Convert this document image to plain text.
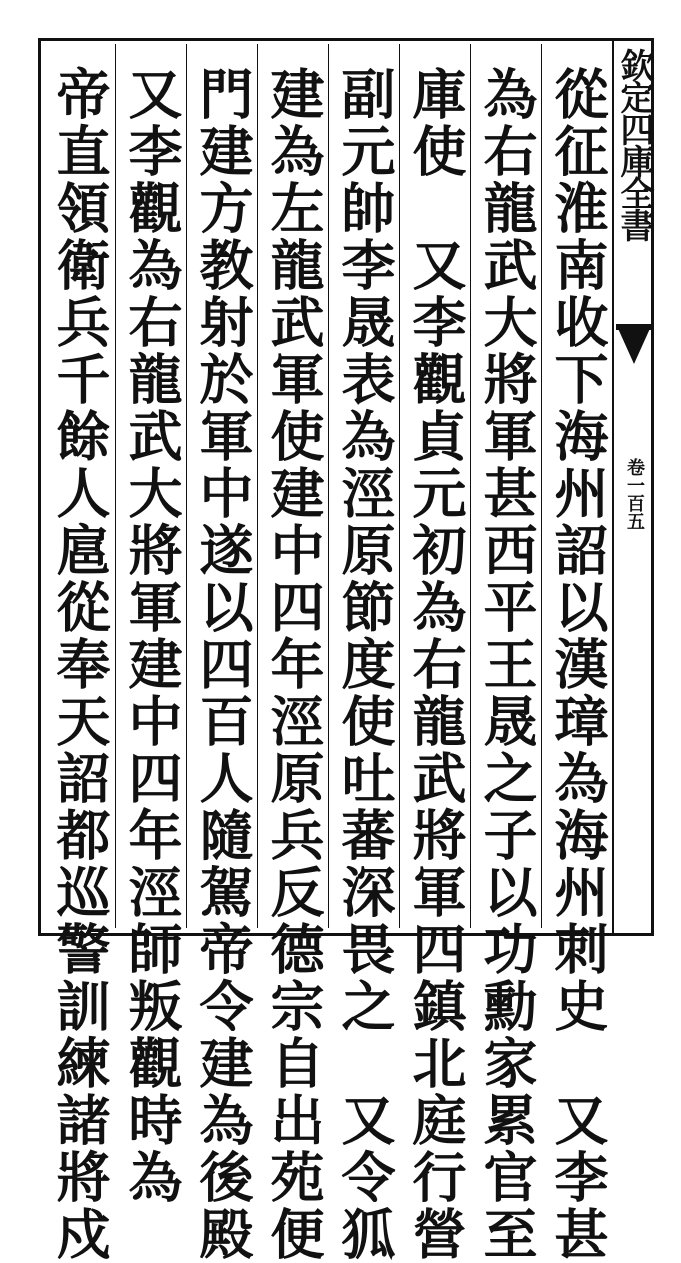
欽定四庫全書
卷一百五
從征淮南收下海州詔以漢璋為海州刺史　又李甚
為右龍武大將軍甚西平王晟之子以功勳家累官至
庫使　又李觀貞元初為右龍武將軍四鎮北庭行營
副元帥李晟表為涇原節度使吐蕃深畏之　又令狐
建為左龍武軍使建中四年涇原兵反德宗自出苑便
門建方教射於軍中遂以四百人隨駕帝令建為後殿
又李觀為右龍武大將軍建中四年涇師叛觀時為
帝直領衛兵千餘人扈從奉天詔都巡警訓練諸將戍
